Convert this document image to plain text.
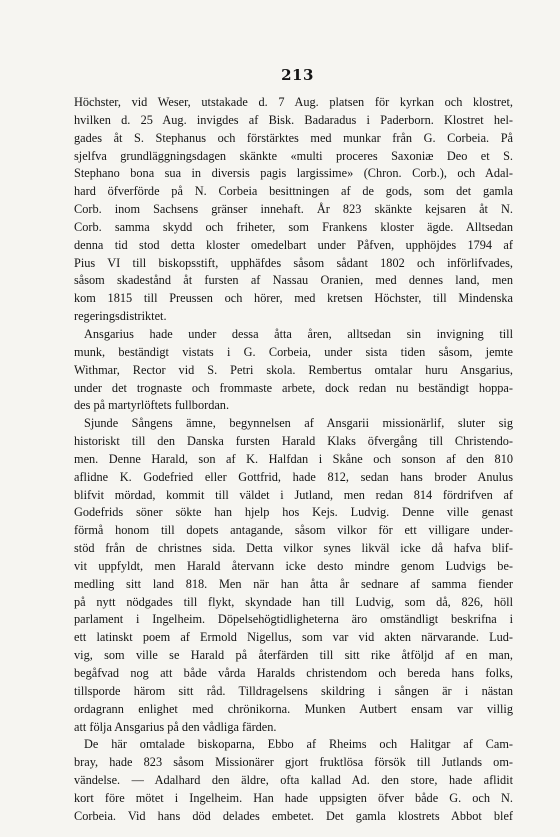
213
Höchster, vid Weser, utstakade d. 7 Aug. platsen för kyrkan och klostret,
hvilken d. 25 Aug. invigdes af Bisk. Badaradus i Paderborn. Klostret hel-
gades åt S. Stephanus och förstärktes med munkar från G. Corbeia. På
sjelfva grundläggningsdagen skänkte «multi proceres Saxoniæ Deo et S.
Stephano bona sua in diversis pagis largissime» (Chron. Corb.), och Adal-
hard öfverförde på N. Corbeia besittningen af de gods, som det gamla
Corb. inom Sachsens gränser innehaft. År 823 skänkte kejsaren åt N.
Corb. samma skydd och friheter, som Frankens kloster ägde. Alltsedan
denna tid stod detta kloster omedelbart under Påfven, upphöjdes 1794 af
Pius VI till biskopsstift, upphäfdes såsom sådant 1802 och införlifvades,
såsom skadestånd åt fursten af Nassau Oranien, med dennes land, men
kom 1815 till Preussen och hörer, med kretsen Höchster, till Mindenska
regeringsdistriktet.
Ansgarius hade under dessa åtta åren, alltsedan sin invigning till
munk, beständigt vistats i G. Corbeia, under sista tiden såsom, jemte
Withmar, Rector vid S. Petri skola. Rembertus omtalar huru Ansgarius,
under det trognaste och frommaste arbete, dock redan nu beständigt hoppa-
des på martyrlöftets fullbordan.
Sjunde Sångens ämne, begynnelsen af Ansgarii missionärlif, sluter sig
historiskt till den Danska fursten Harald Klaks öfvergång till Christendo-
men. Denne Harald, son af K. Halfdan i Skåne och sonson af den 810
aflidne K. Godefried eller Gottfrid, hade 812, sedan hans broder Anulus
blifvit mördad, kommit till väldet i Jutland, men redan 814 fördrifven af
Godefrids söner sökte han hjelp hos Kejs. Ludvig. Denne ville genast
förmå honom till dopets antagande, såsom vilkor för ett villigare under-
stöd från de christnes sida. Detta vilkor synes likväl icke då hafva blif-
vit uppfyldt, men Harald återvann icke desto mindre genom Ludvigs be-
medling sitt land 818. Men när han åtta år sednare af samma fiender
på nytt nödgades till flykt, skyndade han till Ludvig, som då, 826, höll
parlament i Ingelheim. Döpelsehögtidligheterna äro omständligt beskrifna i
ett latinskt poem af Ermold Nigellus, som var vid akten närvarande. Lud-
vig, som ville se Harald på återfärden till sitt rike åtföljd af en man,
begåfvad nog att både vårda Haralds christendom och bereda hans folks,
tillsporde härom sitt råd. Tilldragelsens skildring i sången är i nästan
ordagrann enlighet med chrönikorna. Munken Autbert ensam var villig
att följa Ansgarius på den vådliga färden.
De här omtalade biskoparna, Ebbo af Rheims och Halitgar af Cam-
bray, hade 823 såsom Missionärer gjort fruktlösa försök till Jutlands om-
vändelse. — Adalhard den äldre, ofta kallad Ad. den store, hade aflidit
kort före mötet i Ingelheim. Han hade uppsigten öfver både G. och N.
Corbeia. Vid hans död delades embetet. Det gamla klostrets Abbot blef
